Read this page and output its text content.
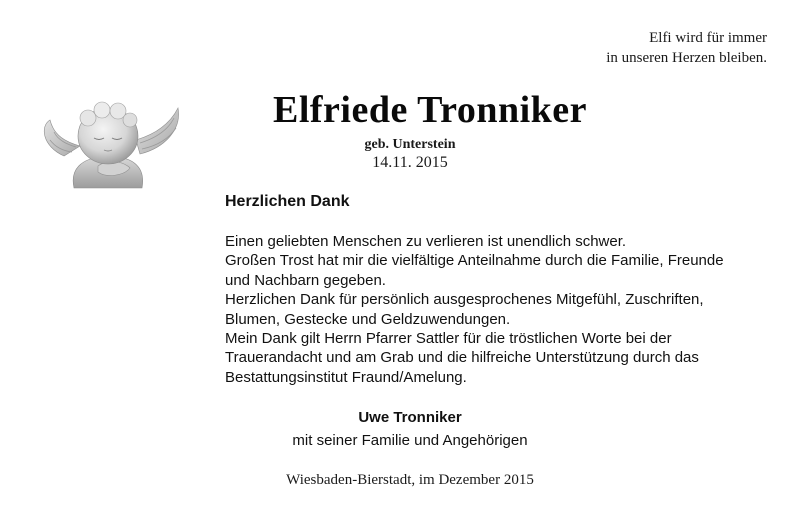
Elfi wird für immer
in unseren Herzen bleiben.
Elfriede Tronniker
geb. Unterstein
14.11. 2015
Herzlichen Dank
Einen geliebten Menschen zu verlieren ist unendlich schwer.
Großen Trost hat mir die vielfältige Anteilnahme durch die Familie, Freunde
und Nachbarn gegeben.
Herzlichen Dank für persönlich ausgesprochenes Mitgefühl, Zuschriften,
Blumen, Gestecke und Geldzuwendungen.
Mein Dank gilt Herrn Pfarrer Sattler für die tröstlichen Worte bei der
Trauerandacht und am Grab und die hilfreiche Unterstützung durch das
Bestattungsinstitut Fraund/Amelung.
Uwe Tronniker
mit seiner Familie und Angehörigen
Wiesbaden-Bierstadt, im Dezember 2015
